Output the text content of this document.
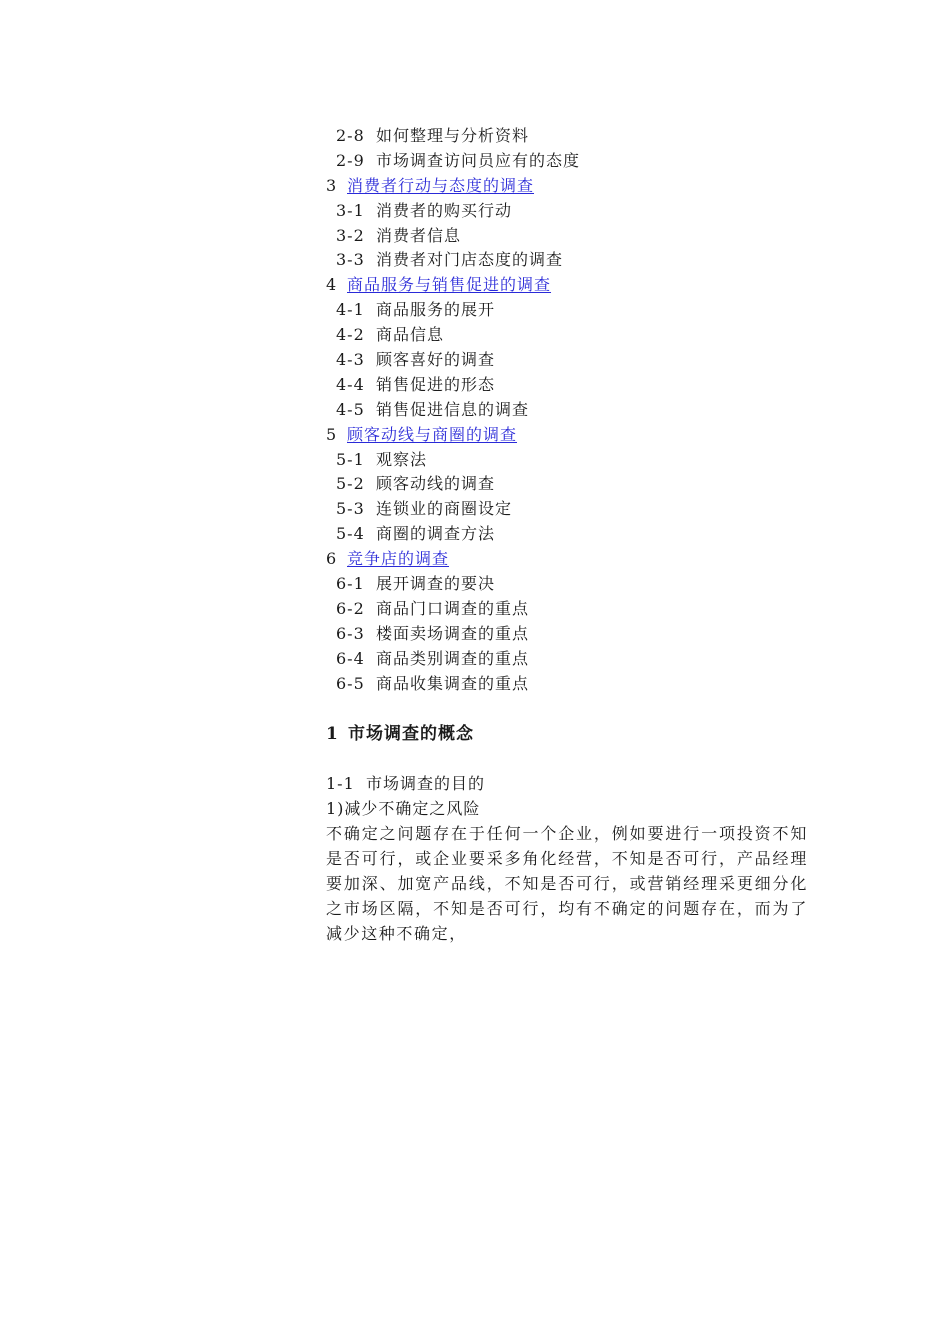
2-8 如何整理与分析资料
2-9 市场调查访问员应有的态度
3 消费者行动与态度的调查
3-1 消费者的购买行动
3-2 消费者信息
3-3 消费者对门店态度的调查
4 商品服务与销售促进的调查
4-1 商品服务的展开
4-2 商品信息
4-3 顾客喜好的调查
4-4 销售促进的形态
4-5 销售促进信息的调查
5 顾客动线与商圈的调查
5-1 观察法
5-2 顾客动线的调查
5-3 连锁业的商圈设定
5-4 商圈的调查方法
6 竞争店的调查
6-1 展开调查的要决
6-2 商品门口调查的重点
6-3 楼面卖场调查的重点
6-4 商品类别调查的重点
6-5 商品收集调查的重点
1 市场调查的概念
1-1 市场调查的目的
1)减少不确定之风险
不确定之问题存在于任何一个企业，例如要进行一项投资不知是否可行，或企业要采多角化经营，不知是否可行，产品经理要加深、加宽产品线，不知是否可行，或营销经理采更细分化之市场区隔，不知是否可行，均有不确定的问题存在，而为了减少这种不确定，
